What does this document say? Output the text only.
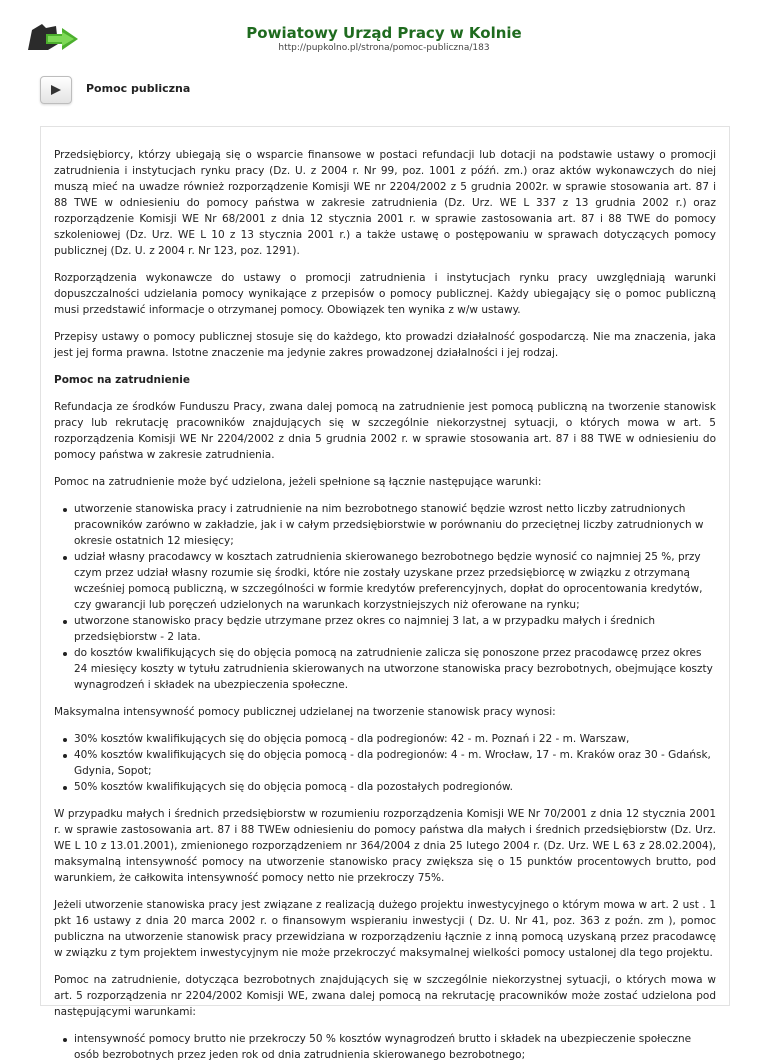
Powiatowy Urząd Pracy w Kolnie
http://pupkolno.pl/strona/pomoc-publiczna/183
Pomoc publiczna

Przedsiębiorcy, którzy ubiegają się o wsparcie finansowe w postaci refundacji lub dotacji na podstawie ustawy o promocji zatrudnienia i instytucjach rynku pracy (Dz. U. z 2004 r. Nr 99, poz. 1001 z późń. zm.) oraz aktów wykonawczych do niej muszą mieć na uwadze również rozporządzenie Komisji WE nr 2204/2002 z 5 grudnia 2002r. w sprawie stosowania art. 87 i 88 TWE w odniesieniu do pomocy państwa w zakresie zatrudnienia (Dz. Urz. WE L 337 z 13 grudnia 2002 r.) oraz rozporządzenie Komisji WE Nr 68/2001 z dnia 12 stycznia 2001 r. w sprawie zastosowania art. 87 i 88 TWE do pomocy szkoleniowej (Dz. Urz. WE L 10 z 13 stycznia 2001 r.) a także ustawę o postępowaniu w sprawach dotyczących pomocy publicznej (Dz. U. z 2004 r. Nr 123, poz. 1291).

Rozporządzenia wykonawcze do ustawy o promocji zatrudnienia i instytucjach rynku pracy uwzględniają warunki dopuszczalności udzielania pomocy wynikające z przepisów o pomocy publicznej. Każdy ubiegający się o pomoc publiczną musi przedstawić informacje o otrzymanej pomocy. Obowiązek ten wynika z w/w ustawy.

Przepisy ustawy o pomocy publicznej stosuje się do każdego, kto prowadzi działalność gospodarczą. Nie ma znaczenia, jaka jest jej forma prawna. Istotne znaczenie ma jedynie zakres prowadzonej działalności i jej rodzaj.

Pomoc na zatrudnienie

Refundacja ze środków Funduszu Pracy, zwana dalej pomocą na zatrudnienie jest pomocą publiczną na tworzenie stanowisk pracy lub rekrutację pracowników znajdujących się w szczególnie niekorzystnej sytuacji, o których mowa w art. 5 rozporządzenia Komisji WE Nr 2204/2002 z dnia 5 grudnia 2002 r. w sprawie stosowania art. 87 i 88 TWE w odniesieniu do pomocy państwa w zakresie zatrudnienia.

Pomoc na zatrudnienie może być udzielona, jeżeli spełnione są łącznie następujące warunki:

utworzenie stanowiska pracy i zatrudnienie na nim bezrobotnego stanowić będzie wzrost netto liczby zatrudnionych pracowników zarówno w zakładzie, jak i w całym przedsiębiorstwie w porównaniu do przeciętnej liczby zatrudnionych w okresie ostatnich 12 miesięcy;
udział własny pracodawcy w kosztach zatrudnienia skierowanego bezrobotnego będzie wynosić co najmniej 25 %, przy czym przez udział własny rozumie się środki, które nie zostały uzyskane przez przedsiębiorcę w związku z otrzymaną wcześniej pomocą publiczną, w szczególności w formie kredytów preferencyjnych, dopłat do oprocentowania kredytów, czy gwarancji lub poręczeń udzielonych na warunkach korzystniejszych niż oferowane na rynku;
utworzone stanowisko pracy będzie utrzymane przez okres co najmniej 3 lat, a w przypadku małych i średnich przedsiębiorstw - 2 lata.
do kosztów kwalifikujących się do objęcia pomocą na zatrudnienie zalicza się ponoszone przez pracodawcę przez okres 24 miesięcy koszty w tytułu zatrudnienia skierowanych na utworzone stanowiska pracy bezrobotnych, obejmujące koszty wynagrodzeń i składek na ubezpieczenia społeczne.

Maksymalna intensywność pomocy publicznej udzielanej na tworzenie stanowisk pracy wynosi:

30% kosztów kwalifikujących się do objęcia pomocą - dla podregionów: 42 - m. Poznań i 22 - m. Warszaw,
40% kosztów kwalifikujących się do objęcia pomocą - dla podregionów: 4 - m. Wrocław, 17 - m. Kraków oraz 30 - Gdańsk, Gdynia, Sopot;
50% kosztów kwalifikujących się do objęcia pomocą - dla pozostałych podregionów.

W przypadku małych i średnich przedsiębiorstw w rozumieniu rozporządzenia Komisji WE Nr 70/2001 z dnia 12 stycznia 2001 r. w sprawie zastosowania art. 87 i 88 TWEw odniesieniu do pomocy państwa dla małych i średnich przedsiębiorstw (Dz. Urz. WE L 10 z 13.01.2001), zmienionego rozporządzeniem nr 364/2004 z dnia 25 lutego 2004 r. (Dz. Urz. WE L 63 z 28.02.2004), maksymalną intensywność pomocy na utworzenie stanowisko pracy zwiększa się o 15 punktów procentowych brutto, pod warunkiem, że całkowita intensywność pomocy netto nie przekroczy 75%.

Jeżeli utworzenie stanowiska pracy jest związane z realizacją dużego projektu inwestycyjnego o którym mowa w art. 2 ust . 1 pkt 16 ustawy z dnia 20 marca 2002 r. o finansowym wspieraniu inwestycji ( Dz. U. Nr 41, poz. 363 z poźn. zm ), pomoc publiczna na utworzenie stanowisk pracy przewidziana w rozporządzeniu łącznie z inną pomocą uzyskaną przez pracodawcę w związku z tym projektem inwestycyjnym nie może przekroczyć maksymalnej wielkości pomocy ustalonej dla tego projektu.

Pomoc na zatrudnienie, dotycząca bezrobotnych znajdujących się w szczególnie niekorzystnej sytuacji, o których mowa w art. 5 rozporządzenia nr 2204/2002 Komisji WE, zwana dalej pomocą na rekrutację pracowników może zostać udzielona pod następującymi warunkami:

intensywność pomocy brutto nie przekroczy 50 % kosztów wynagrodzeń brutto i składek na ubezpieczenie społeczne osób bezrobotnych przez jeden rok od dnia zatrudnienia skierowanego bezrobotnego;
